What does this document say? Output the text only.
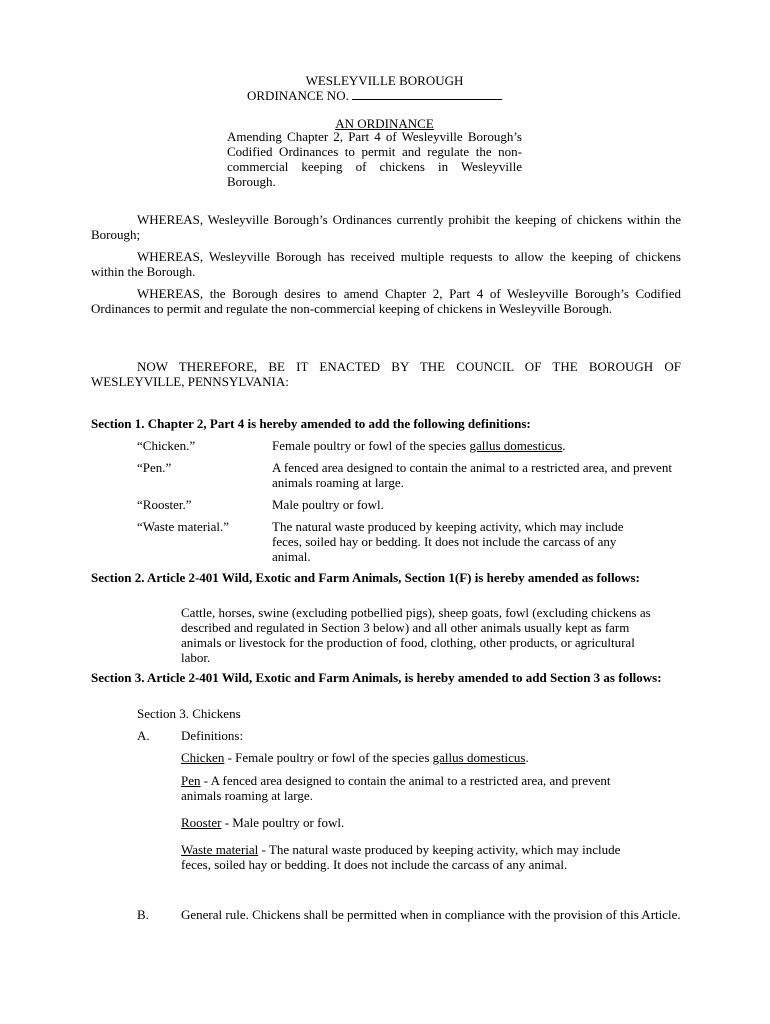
WESLEYVILLE BOROUGH
ORDINANCE NO.
AN ORDINANCE
Amending Chapter 2, Part 4 of Wesleyville Borough’s Codified Ordinances to permit and regulate the non-commercial keeping of chickens in Wesleyville Borough.
WHEREAS, Wesleyville Borough’s Ordinances currently prohibit the keeping of chickens within the Borough;
WHEREAS, Wesleyville Borough has received multiple requests to allow the keeping of chickens within the Borough.
WHEREAS, the Borough desires to amend Chapter 2, Part 4 of Wesleyville Borough’s Codified Ordinances to permit and regulate the non-commercial keeping of chickens in Wesleyville Borough.
NOW THEREFORE, BE IT ENACTED BY THE COUNCIL OF THE BOROUGH OF WESLEYVILLE, PENNSYLVANIA:
Section 1. Chapter 2, Part 4 is hereby amended to add the following definitions:
“Chicken.”	Female poultry or fowl of the species gallus domesticus.
“Pen.”	A fenced area designed to contain the animal to a restricted area, and prevent animals roaming at large.
“Rooster.”	Male poultry or fowl.
“Waste material.”	The natural waste produced by keeping activity, which may include feces, soiled hay or bedding. It does not include the carcass of any animal.
Section 2. Article 2-401 Wild, Exotic and Farm Animals, Section 1(F) is hereby amended as follows:
Cattle, horses, swine (excluding potbellied pigs), sheep goats, fowl (excluding chickens as described and regulated in Section 3 below) and all other animals usually kept as farm animals or livestock for the production of food, clothing, other products, or agricultural labor.
Section 3. Article 2-401 Wild, Exotic and Farm Animals, is hereby amended to add Section 3 as follows:
Section 3. Chickens
A. Definitions:
Chicken - Female poultry or fowl of the species gallus domesticus.
Pen - A fenced area designed to contain the animal to a restricted area, and prevent animals roaming at large.
Rooster - Male poultry or fowl.
Waste material - The natural waste produced by keeping activity, which may include feces, soiled hay or bedding. It does not include the carcass of any animal.
B. General rule. Chickens shall be permitted when in compliance with the provision of this Article.
